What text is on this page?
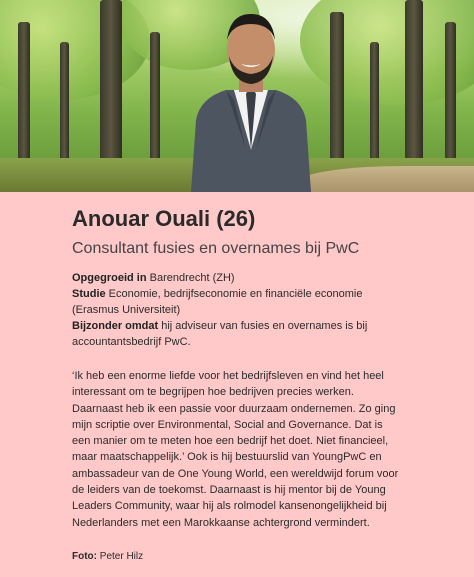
Anouar Ouali (26)
Consultant fusies en overnames bij PwC
Opgegroeid in Barendrecht (ZH)
Studie Economie, bedrijfseconomie en financiële economie (Erasmus Universiteit)
Bijzonder omdat hij adviseur van fusies en overnames is bij accountantsbedrijf PwC.

‘Ik heb een enorme liefde voor het bedrijfsleven en vind het heel interessant om te begrijpen hoe bedrijven precies werken. Daarnaast heb ik een passie voor duurzaam ondernemen. Zo ging mijn scriptie over Environmental, Social and Governance. Dat is een manier om te meten hoe een bedrijf het doet. Niet financieel, maar maatschappelijk.’ Ook is hij bestuurslid van YoungPwC en ambassadeur van de One Young World, een wereldwijd forum voor de leiders van de toekomst. Daarnaast is hij mentor bij de Young Leaders Community, waar hij als rolmodel kansenongelijkheid bij Nederlanders met een Marokkaanse achtergrond vermindert.

Foto: Peter Hilz
